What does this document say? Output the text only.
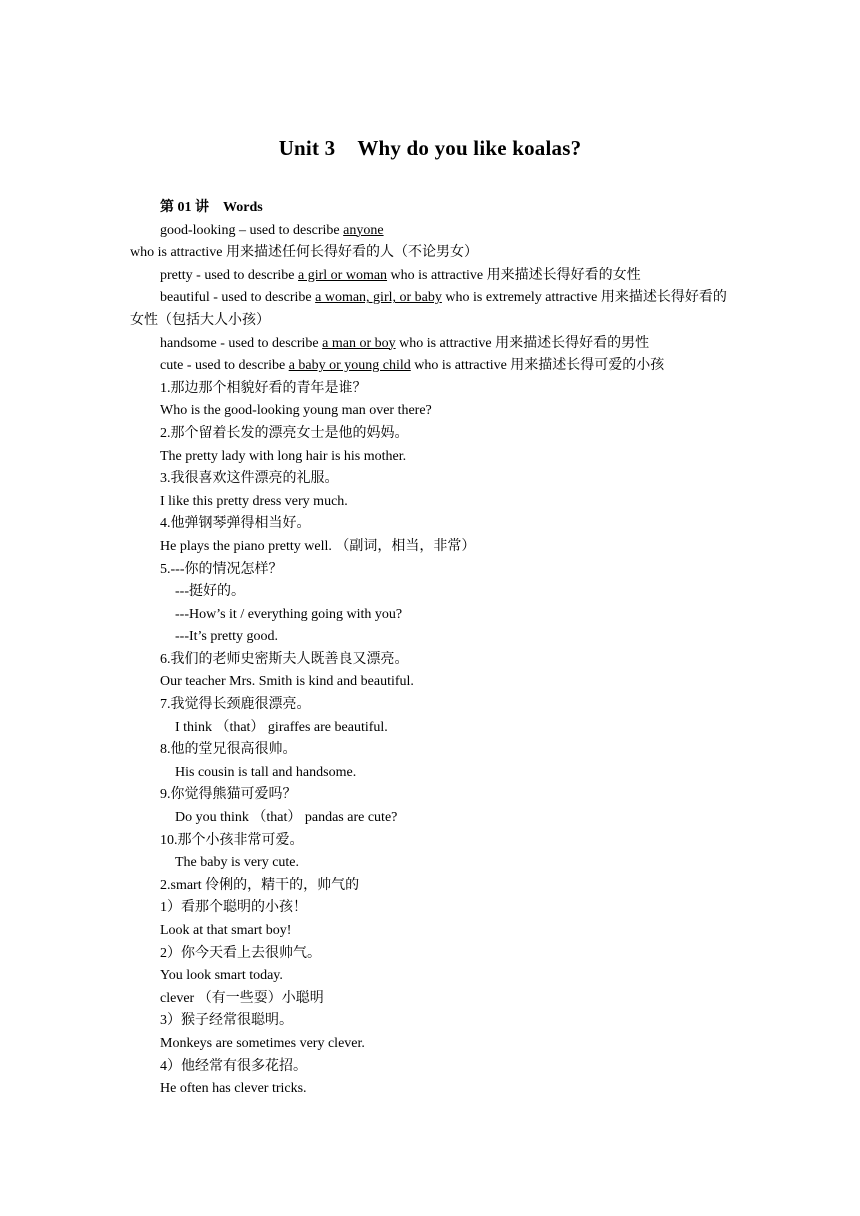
Unit 3 Why do you like koalas?
第 01 讲 Words
good-looking – used to describe anyone who is attractive 用来描述任何长得好看的人（不论男女）
pretty - used to describe a girl or woman who is attractive 用来描述长得好看的女性
beautiful - used to describe a woman, girl, or baby who is extremely attractive 用来描述长得好看的女性（包括大人小孩）
handsome - used to describe a man or boy who is attractive 用来描述长得好看的男性
cute - used to describe a baby or young child who is attractive 用来描述长得可爱的小孩
1.那边那个相貌好看的青年是谁？
Who is the good-looking young man over there?
2.那个留着长发的漂亮女士是他的妈妈。
The pretty lady with long hair is his mother.
3.我很喜欢这件漂亮的礼服。
I like this pretty dress very much.
4.他弹钢琴弹得相当好。
He plays the piano pretty well. （副词，相当，非常）
5.---你的情况怎样？
---挺好的。
---How’s it / everything going with you?
---It’s pretty good.
6.我们的老师史密斯夫人既善良又漂亮。
Our teacher Mrs. Smith is kind and beautiful.
7.我觉得长颈鹿很漂亮。
I think （that） giraffes are beautiful.
8.他的堂兄很高很帅。
His cousin is tall and handsome.
9.你觉得熊猫可爱吗？
Do you think （that） pandas are cute?
10.那个小孩非常可爱。
The baby is very cute.
2.smart 伶俐的，精干的，帅气的
1）看那个聪明的小孩！
Look at that smart boy!
2）你今天看上去很帅气。
You look smart today.
clever （有一些耍）小聪明
3）猴子经常很聪明。
Monkeys are sometimes very clever.
4）他经常有很多花招。
He often has clever tricks.
